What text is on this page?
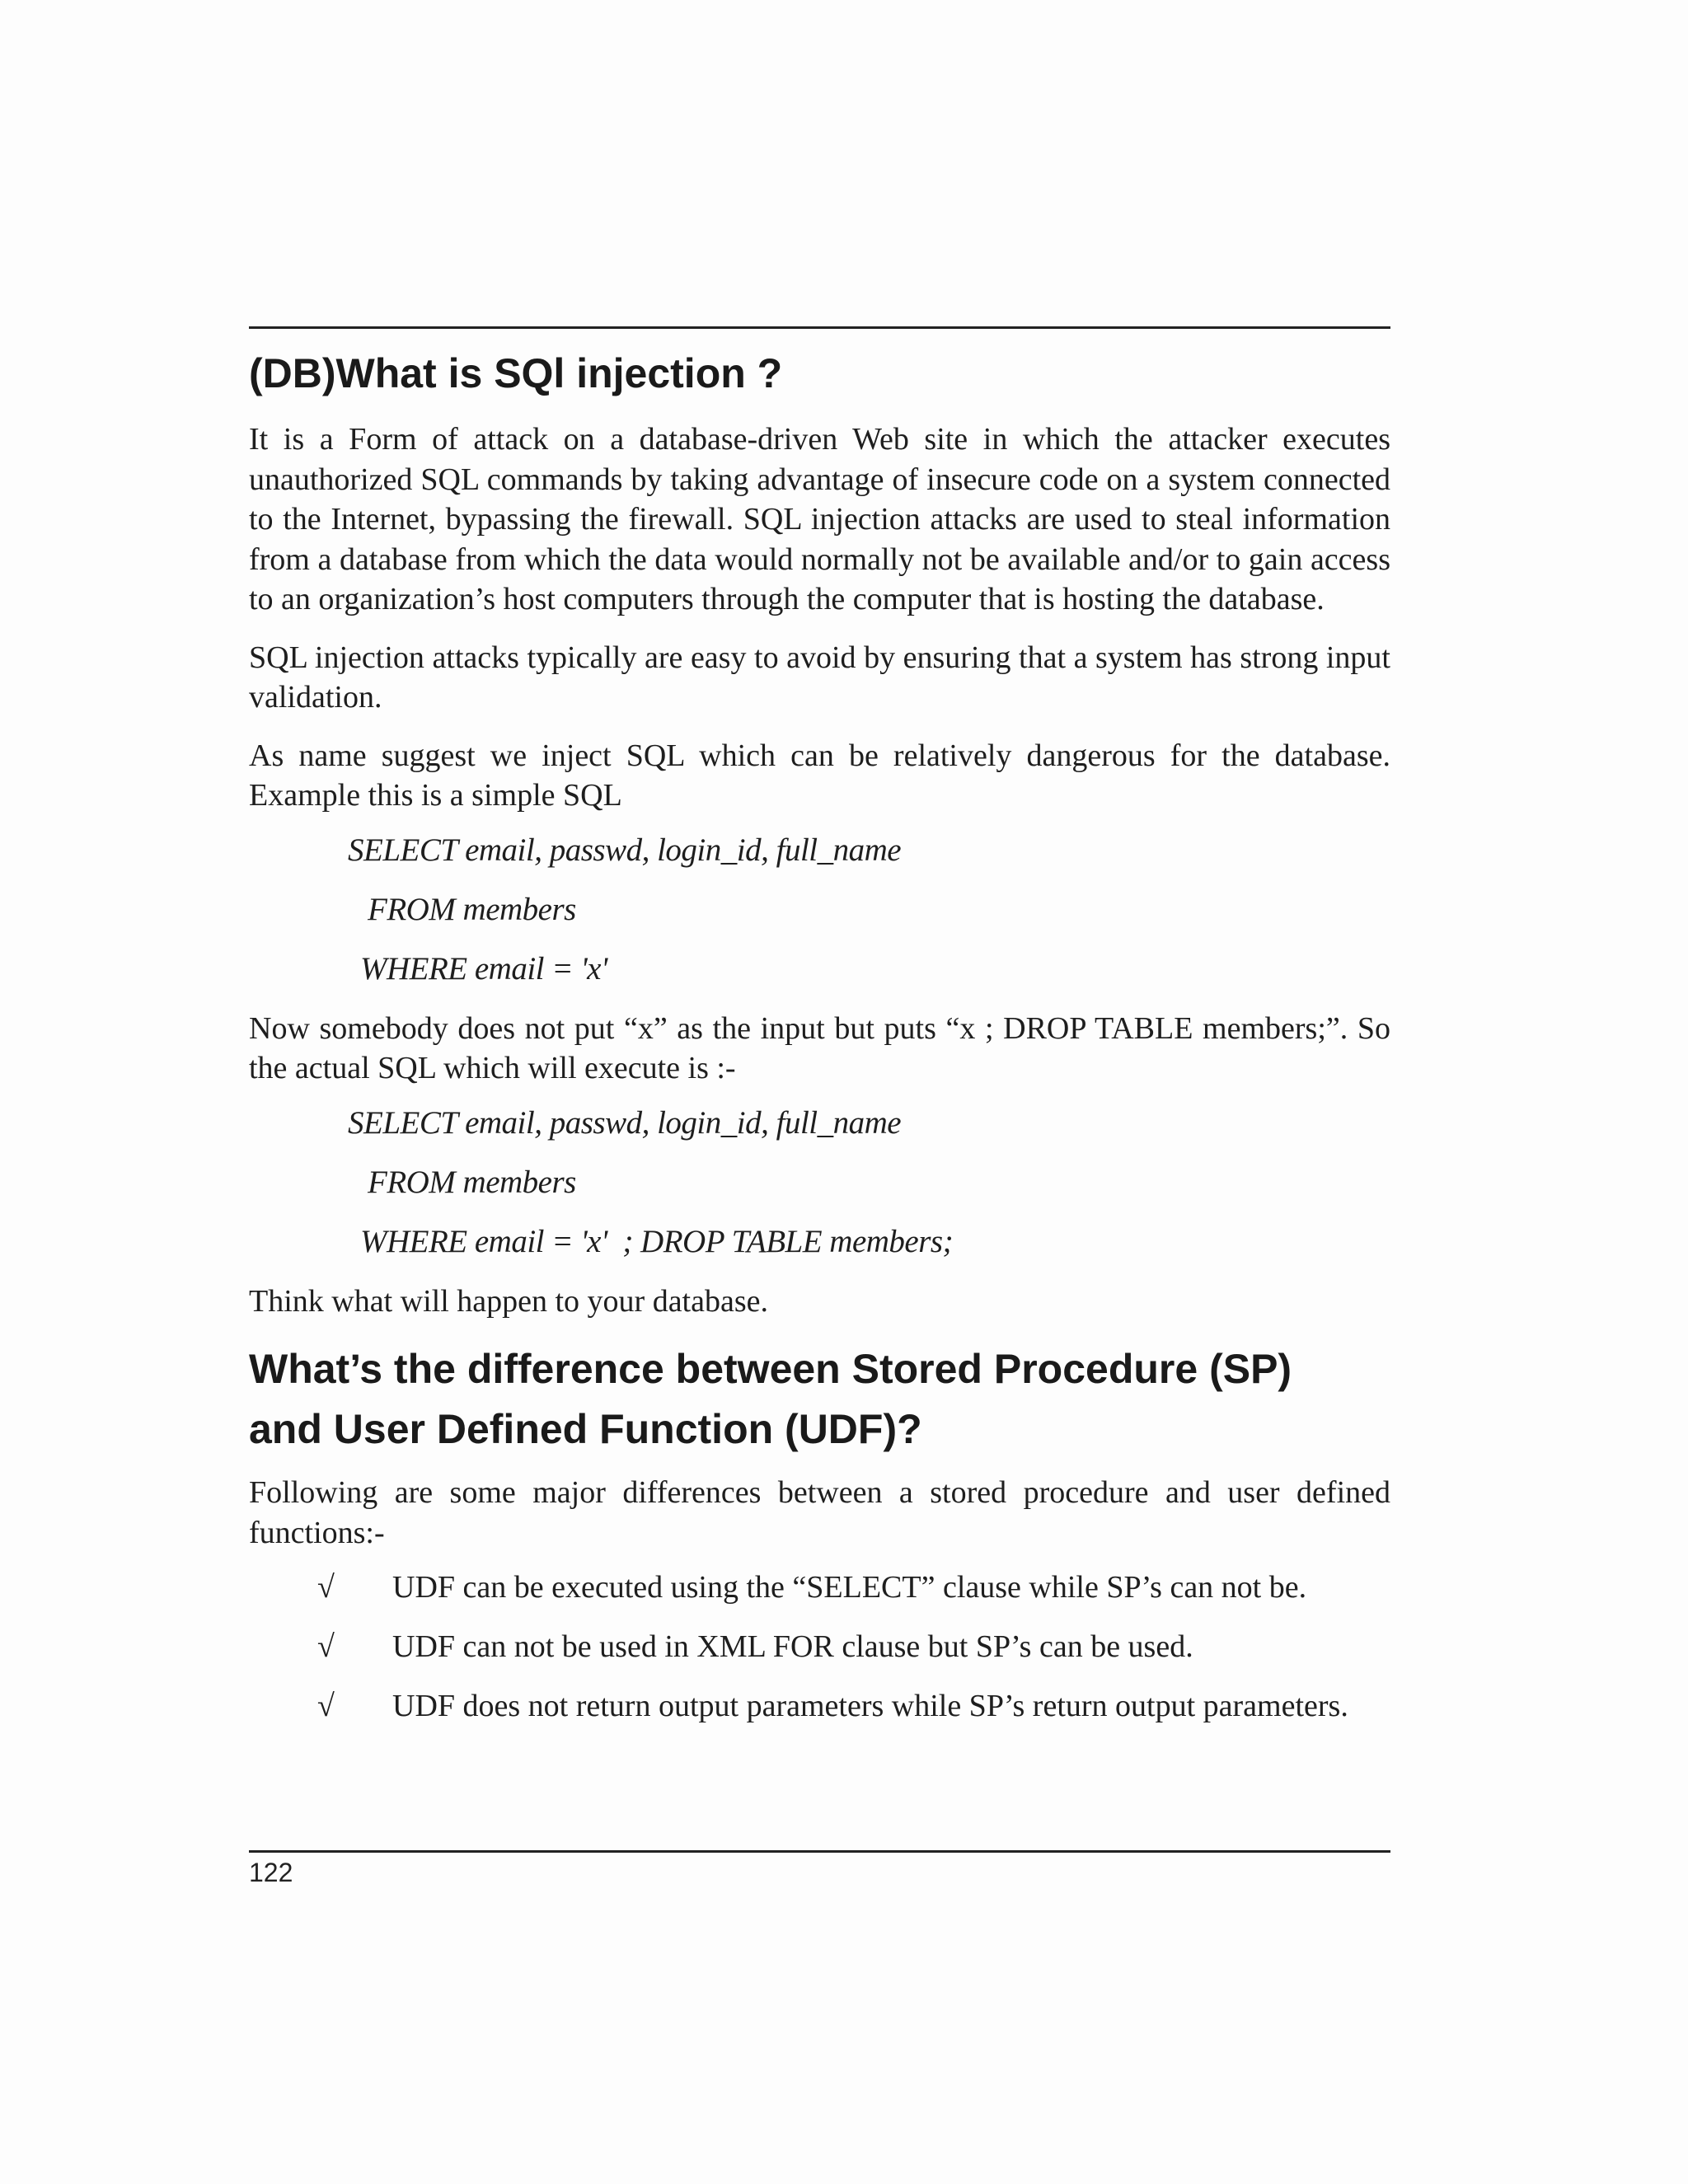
(DB)What is SQl injection ?

It is a Form of attack on a database-driven Web site in which the attacker executes unauthorized SQL commands by taking advantage of insecure code on a system connected to the Internet, bypassing the firewall. SQL injection attacks are used to steal information from a database from which the data would normally not be available and/or to gain access to an organization’s host computers through the computer that is hosting the database.

SQL injection attacks typically are easy to avoid by ensuring that a system has strong input validation.

As name suggest we inject SQL which can be relatively dangerous for the database. Example this is a simple SQL

SELECT email, passwd, login_id, full_name
FROM members
WHERE email = 'x'

Now somebody does not put “x” as the input but puts “x ; DROP TABLE members;”. So the actual SQL which will execute is :-

SELECT email, passwd, login_id, full_name
FROM members
WHERE email = 'x'  ; DROP TABLE members;

Think what will happen to your database.

What’s the difference between Stored Procedure (SP)
and User Defined Function (UDF)?

Following are some major differences between a stored procedure and user defined functions:-

√	UDF can be executed using the “SELECT” clause while SP’s can not be.
√	UDF can not be used in XML FOR clause but SP’s can be used.
√	UDF does not return output parameters while SP’s return output parameters.
122
